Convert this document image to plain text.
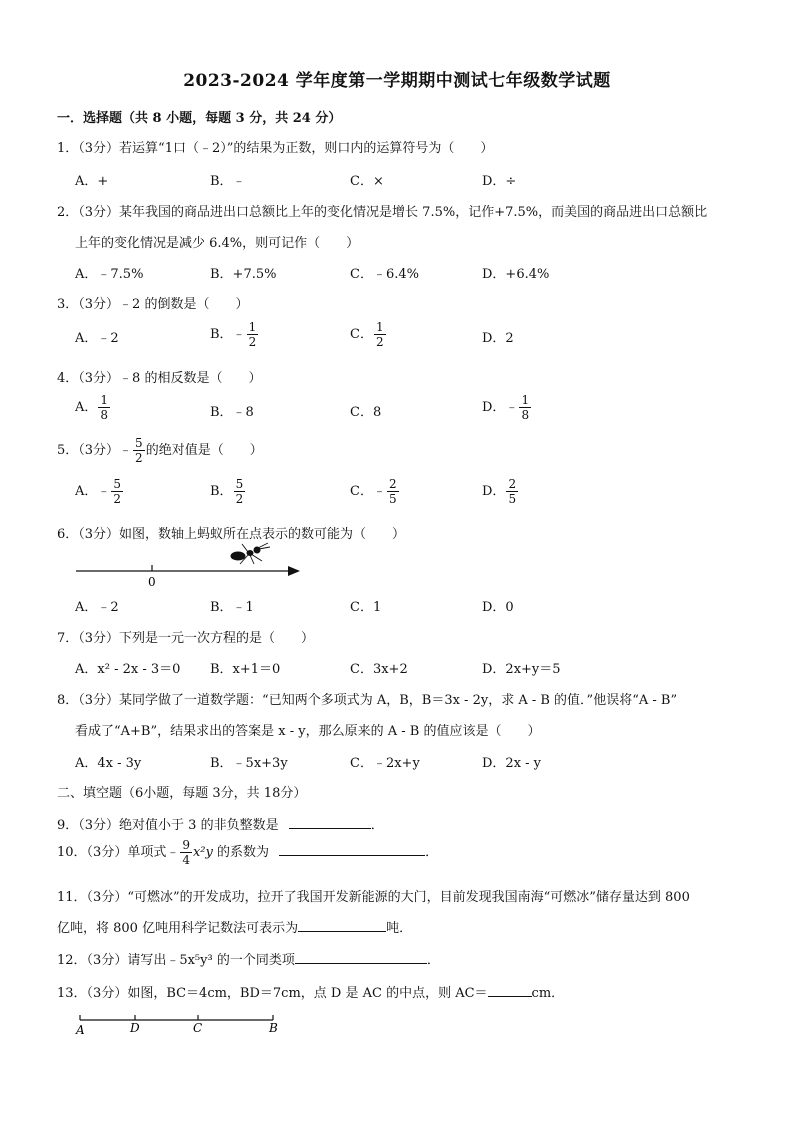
2023-2024 学年度第一学期期中测试七年级数学试题
一．选择题（共 8 小题，每题 3 分，共 24 分）
1．（3分）若运算“1口（﹣2）”的结果为正数，则口内的运算符号为（　　）
A．+	B．﹣	C．×	D．÷
2．（3分）某年我国的商品进出口总额比上年的变化情况是增长 7.5%，记作+7.5%，而美国的商品进出口总额比
上年的变化情况是减少 6.4%，则可记作（　　）
A．﹣7.5%	B．+7.5%	C．﹣6.4%	D．+6.4%
3．（3分）﹣2 的倒数是（　　）
A．﹣2	B．﹣ $\frac{1}{2}$	C． $\frac{1}{2}$	D．2
4．（3分）﹣8 的相反数是（　　）
A． $\frac{1}{8}$	B．﹣8	C．8	D．﹣ $\frac{1}{8}$
5．（3分）﹣ $\frac{5}{2}$ 的绝对值是（　　）
A．﹣ $\frac{5}{2}$	B． $\frac{5}{2}$	C．﹣ $\frac{2}{5}$	D． $\frac{2}{5}$
6．（3分）如图，数轴上蚂蚁所在点表示的数可能为（　　）
0
A．﹣2	B．﹣1	C．1	D．0
7．（3分）下列是一元一次方程的是（　　）
A．x² - 2x - 3＝0 B．x+1＝0	C．3x+2	D．2x+y＝5
8．（3分）某同学做了一道数学题：“已知两个多项式为 A，B，B＝3x - 2y，求 A - B 的值．”他误将“A - B”
看成了“A+B”，结果求出的答案是 x - y，那么原来的 A - B 的值应该是（　　）
A．4x - 3y	B．﹣5x+3y	C．﹣2x+y	D．2x - y
二、填空题（6小题，每题 3分，共 18分）
9．（3分）绝对值小于 3 的非负整数是	．
10．（3分）单项式﹣ $\frac{9}{4} x^2y$ 的系数为	．
11．（3分）“可燃冰”的开发成功，拉开了我国开发新能源的大门，目前发现我国南海“可燃冰”储存量达到 800
亿吨，将 800 亿吨用科学记数法可表示为	吨．
12．（3分）请写出﹣5x⁵y³ 的一个同类项	．
13．（3分）如图，BC＝4cm，BD＝7cm，点 D 是 AC 的中点，则 AC＝	cm．
A	D	C	B
